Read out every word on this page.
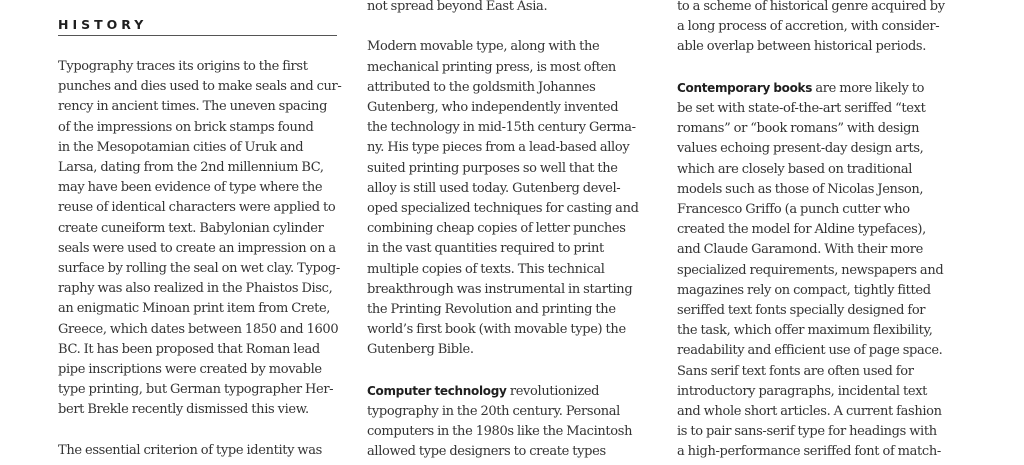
HISTORY

Typography traces its origins to the first
punches and dies used to make seals and cur-
rency in ancient times. The uneven spacing
of the impressions on brick stamps found
in the Mesopotamian cities of Uruk and
Larsa, dating from the 2nd millennium BC,
may have been evidence of type where the
reuse of identical characters were applied to
create cuneiform text. Babylonian cylinder
seals were used to create an impression on a
surface by rolling the seal on wet clay. Typog-
raphy was also realized in the Phaistos Disc,
an enigmatic Minoan print item from Crete,
Greece, which dates between 1850 and 1600
BC. It has been proposed that Roman lead
pipe inscriptions were created by movable
type printing, but German typographer Her-
bert Brekle recently dismissed this view.

The essential criterion of type identity was

not spread beyond East Asia.

Modern movable type, along with the
mechanical printing press, is most often
attributed to the goldsmith Johannes
Gutenberg, who independently invented
the technology in mid-15th century Germa-
ny. His type pieces from a lead-based alloy
suited printing purposes so well that the
alloy is still used today. Gutenberg devel-
oped specialized techniques for casting and
combining cheap copies of letter punches
in the vast quantities required to print
multiple copies of texts. This technical
breakthrough was instrumental in starting
the Printing Revolution and printing the
world’s first book (with movable type) the
Gutenberg Bible.

Computer technology revolutionized
typography in the 20th century. Personal
computers in the 1980s like the Macintosh
allowed type designers to create types

to a scheme of historical genre acquired by
a long process of accretion, with consider-
able overlap between historical periods.

Contemporary books are more likely to
be set with state-of-the-art seriffed “text
romans” or “book romans” with design
values echoing present-day design arts,
which are closely based on traditional
models such as those of Nicolas Jenson,
Francesco Griffo (a punch cutter who
created the model for Aldine typefaces),
and Claude Garamond. With their more
specialized requirements, newspapers and
magazines rely on compact, tightly fitted
seriffed text fonts specially designed for
the task, which offer maximum flexibility,
readability and efficient use of page space.
Sans serif text fonts are often used for
introductory paragraphs, incidental text
and whole short articles. A current fashion
is to pair sans-serif type for headings with
a high-performance seriffed font of match-
